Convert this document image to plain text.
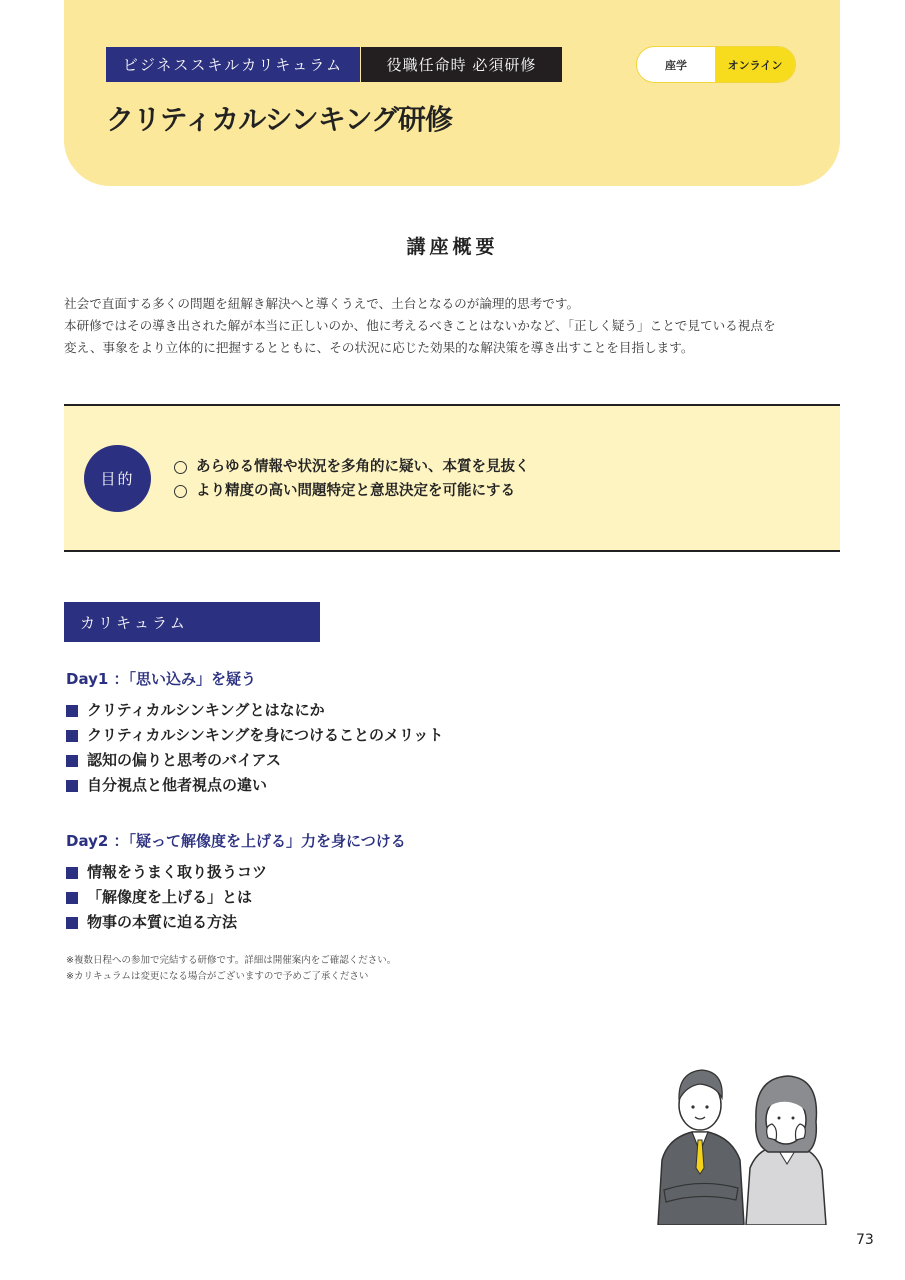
ビジネススキルカリキュラム	役職任命時 必須研修	座学	オンライン
クリティカルシンキング研修
講座概要

社会で直面する多くの問題を紐解き解決へと導くうえで、土台となるのが論理的思考です。

本研修ではその導き出された解が本当に正しいのか、他に考えるべきことはないかなど、「正しく疑う」ことで見ている視点を

変え、事象をより立体的に把握するとともに、その状況に応じた効果的な解決策を導き出すことを目指します。

目的
あらゆる情報や状況を多角的に疑い、本質を見抜く
より精度の高い問題特定と意思決定を可能にする
カリキュラム
Day1 ：「思い込み」を疑う
クリティカルシンキングとはなにか
クリティカルシンキングを身につけることのメリット
認知の偏りと思考のバイアス
自分視点と他者視点の違い
Day2 ：「疑って解像度を上げる」力を身につける
情報をうまく取り扱うコツ
「解像度を上げる」とは
物事の本質に迫る方法

※複数日程への参加で完結する研修です。詳細は開催案内をご確認ください。

※カリキュラムは変更になる場合がございますので予めご了承ください

73
